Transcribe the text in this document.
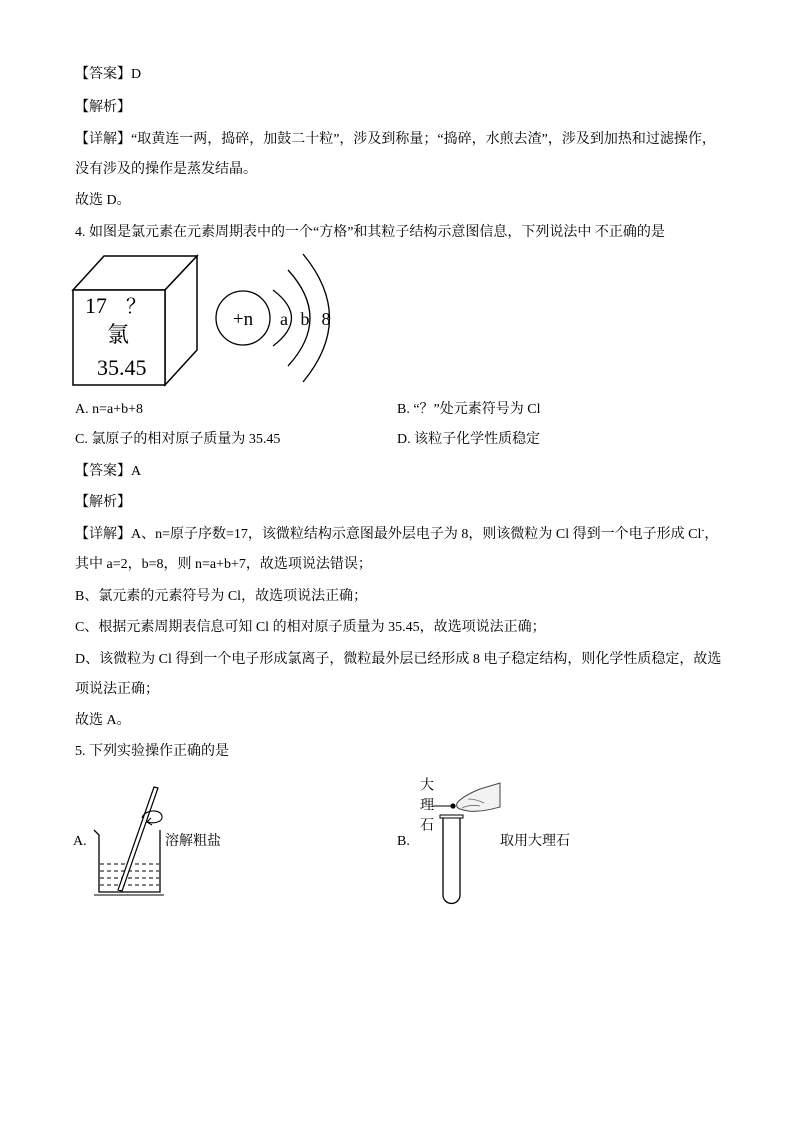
【答案】D
【解析】
【详解】“取黄连一两，捣碎，加鼓二十粒”，涉及到称量；“捣碎，水煎去渣”，涉及到加热和过滤操作，
没有涉及的操作是蒸发结晶。
故选 D。
4. 如图是氯元素在元素周期表中的一个“方格”和其粒子结构示意图信息，下列说法中 不正确的是
17 ？
氯
35.45
+n a b 8
A. n=a+b+8	B. “？”处元素符号为 Cl
C. 氯原子的相对原子质量为 35.45	D. 该粒子化学性质稳定
【答案】A
【解析】
【详解】A、n=原子序数=17，该微粒结构示意图最外层电子为 8，则该微粒为 Cl 得到一个电子形成 Cl-，
其中 a=2，b=8，则 n=a+b+7，故选项说法错误；
B、氯元素的元素符号为 Cl，故选项说法正确；
C、根据元素周期表信息可知 Cl 的相对原子质量为 35.45，故选项说法正确；
D、该微粒为 Cl 得到一个电子形成氯离子，微粒最外层已经形成 8 电子稳定结构，则化学性质稳定，故选
项说法正确；
故选 A。
5. 下列实验操作正确的是
A.	溶解粗盐	B.
大理石
取用大理石
